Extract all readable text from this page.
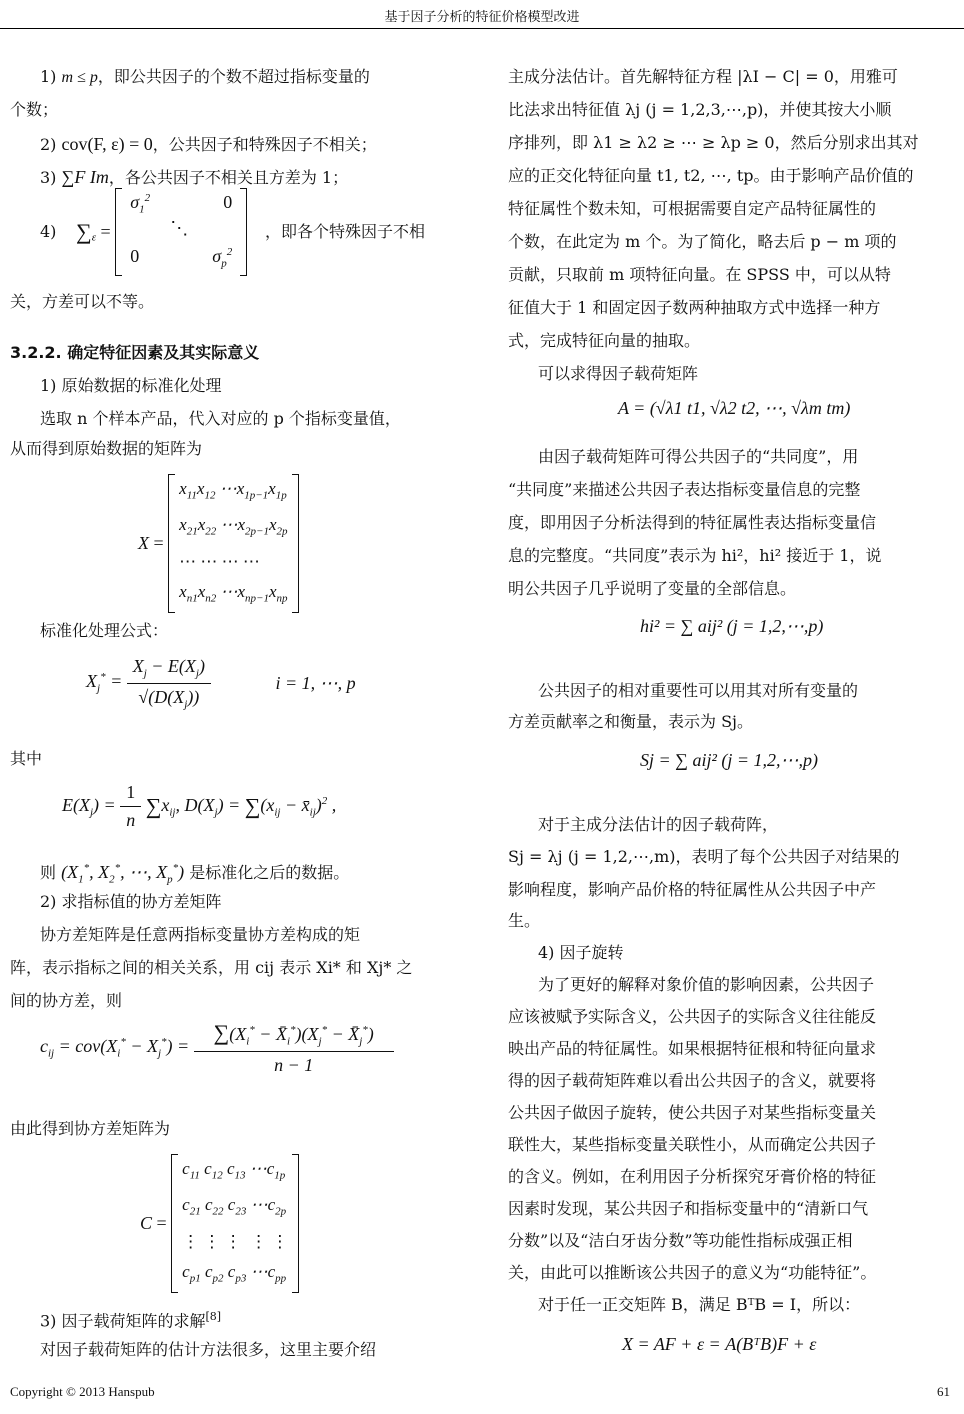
基于因子分析的特征价格模型改进
1) m ≤ p，即公共因子的个数不超过指标变量的
个数；
2) cov(F, ε) = 0，公共因子和特殊因子不相关；
3) ∑F Im，各公共因子不相关且方差为 1；
4) $\sum_\varepsilon$ =
$\sigma_1^2$	0
⋱
0	$\sigma_p^2$
，即各个特殊因子不相
关，方差可以不等。
3.2.2. 确定特征因素及其实际意义
1) 原始数据的标准化处理
选取 n 个样本产品，代入对应的 p 个指标变量值，
从而得到原始数据的矩阵为
X =
$x_{11}x_{12}$ $\cdots x_{1p-1}x_{1p}$
$x_{21}x_{22}$ $\cdots x_{2p-1}x_{2p}$
⋯ ⋯ ⋯ ⋯
$x_{n1}x_{n2}$ $\cdots x_{np-1}x_{np}$
标准化处理公式：
$X_j^* = \frac{X_j - E(X_j)}{√(D(X_j))}$	i = 1, ⋯, p
其中
$E(X_j) = \frac{1}{n} \sum x_{ij}$, $D(X_j) = \sum(x_{ij}$ − $x̄_{ij})^2$ ,
则 ($X_1^*$, $X_2^*$, ⋯, $X_p^*$) 是标准化之后的数据。
2) 求指标值的协方差矩阵
协方差矩阵是任意两指标变量协方差构成的矩
阵，表示指标之间的相关关系，用 cij 表示 Xi* 和 Xj* 之
间的协方差，则
$c_{ij} = cov(X_i^* - X_j^*) = \frac{\sum(X_i^* - X̄_i^*)(X_j^* - X̄_j^*)}{n - 1}$
由此得到协方差矩阵为
C =
$c_{11}$ $c_{12}$ $c_{13}$ $\cdots c_{1p}$
$c_{21}$ $c_{22}$ $c_{23}$ $\cdots c_{2p}$
⋮ ⋮ ⋮  ⋮ ⋮
$c_{p1}$ $c_{p2}$ $c_{p3}$ $\cdots c_{pp}$
3) 因子载荷矩阵的求解[8]
对因子载荷矩阵的估计方法很多，这里主要介绍
主成分法估计。首先解特征方程 |λI − C| = 0，用雅可
比法求出特征值 λj (j = 1,2,3,⋯,p)，并使其按大小顺
序排列，即 λ1 ≥ λ2 ≥ ⋯ ≥ λp ≥ 0，然后分别求出其对
应的正交化特征向量 t1, t2, ⋯, tp。由于影响产品价值的
特征属性个数未知，可根据需要自定产品特征属性的
个数，在此定为 m 个。为了简化，略去后 p − m 项的
贡献，只取前 m 项特征向量。在 SPSS 中，可以从特
征值大于 1 和固定因子数两种抽取方式中选择一种方
式，完成特征向量的抽取。
可以求得因子载荷矩阵
A = (√λ1 t1, √λ2 t2, ⋯, √λm tm)
由因子载荷矩阵可得公共因子的“共同度”，用
“共同度”来描述公共因子表达指标变量信息的完整
度，即用因子分析法得到的特征属性表达指标变量信
息的完整度。“共同度”表示为 hi²，hi² 接近于 1，说
明公共因子几乎说明了变量的全部信息。
hi² = ∑ aij² (j = 1,2,⋯,p)
公共因子的相对重要性可以用其对所有变量的
方差贡献率之和衡量，表示为 Sj。
Sj = ∑ aij² (j = 1,2,⋯,p)
对于主成分法估计的因子载荷阵，
Sj = λj (j = 1,2,⋯,m)，表明了每个公共因子对结果的
影响程度，影响产品价格的特征属性从公共因子中产
生。
4) 因子旋转
为了更好的解释对象价值的影响因素，公共因子
应该被赋予实际含义，公共因子的实际含义往往能反
映出产品的特征属性。如果根据特征根和特征向量求
得的因子载荷矩阵难以看出公共因子的含义，就要将
公共因子做因子旋转，使公共因子对某些指标变量关
联性大，某些指标变量关联性小，从而确定公共因子
的含义。例如，在利用因子分析探究牙膏价格的特征
因素时发现，某公共因子和指标变量中的“清新口气
分数”以及“洁白牙齿分数”等功能性指标成强正相
关，由此可以推断该公共因子的意义为“功能特征”。
对于任一正交矩阵 B，满足 BᵀB = I，所以：
X = AF + ε = A(BᵀB)F + ε
Copyright © 2013 Hanspub	61
